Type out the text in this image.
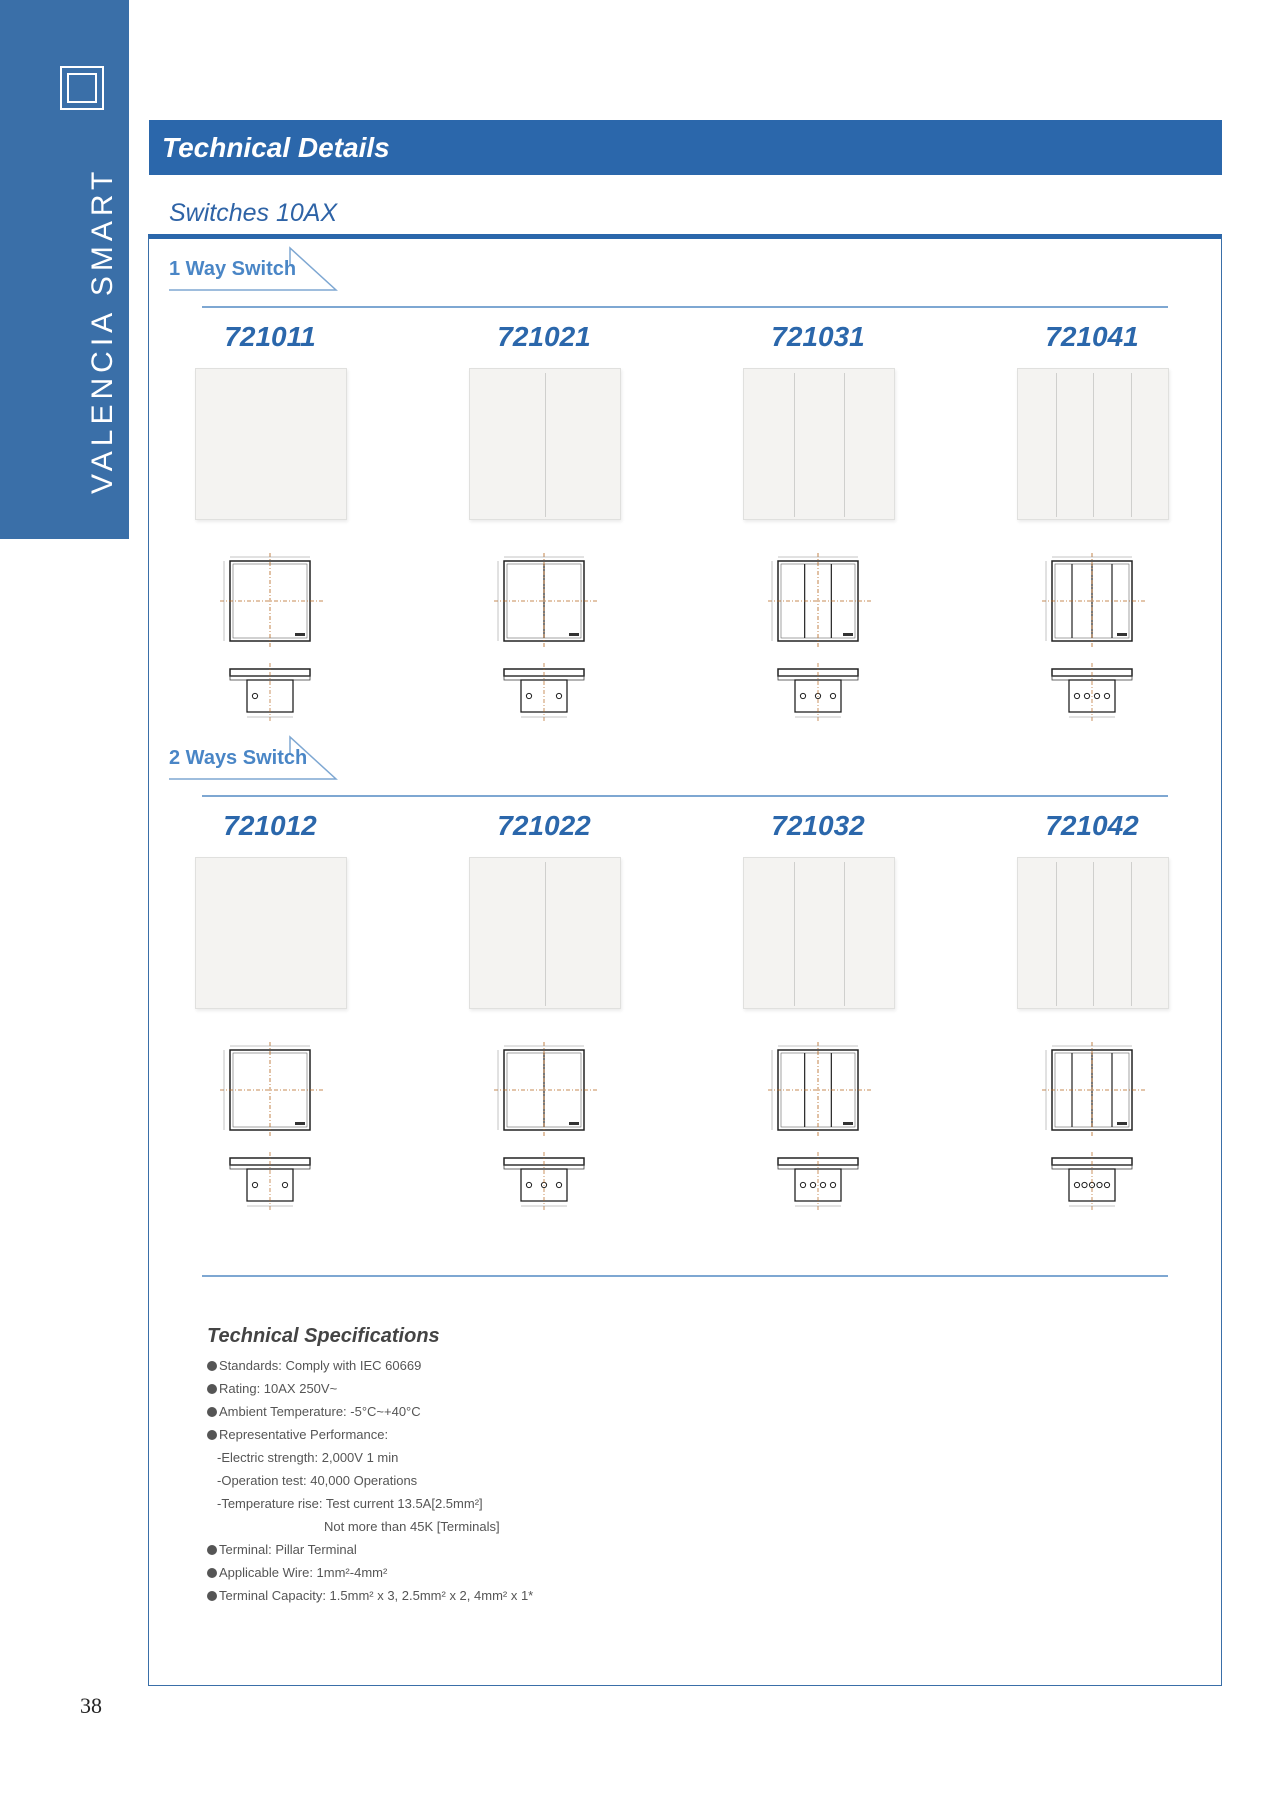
VALENCIA SMART
Technical Details
Switches 10AX
1 Way Switch
721011	721021	721031	721041
2 Ways Switch
721012	721022	721032	721042
Technical Specifications
Standards: Comply with IEC 60669
Rating: 10AX 250V~
Ambient Temperature: -5°C~+40°C
Representative Performance:
-Electric strength: 2,000V 1 min
-Operation test: 40,000 Operations
-Temperature rise: Test current 13.5A[2.5mm²]
Not more than 45K [Terminals]
Terminal: Pillar Terminal
Applicable Wire: 1mm²-4mm²
Terminal Capacity: 1.5mm² x 3, 2.5mm² x 2, 4mm² x 1*
38
